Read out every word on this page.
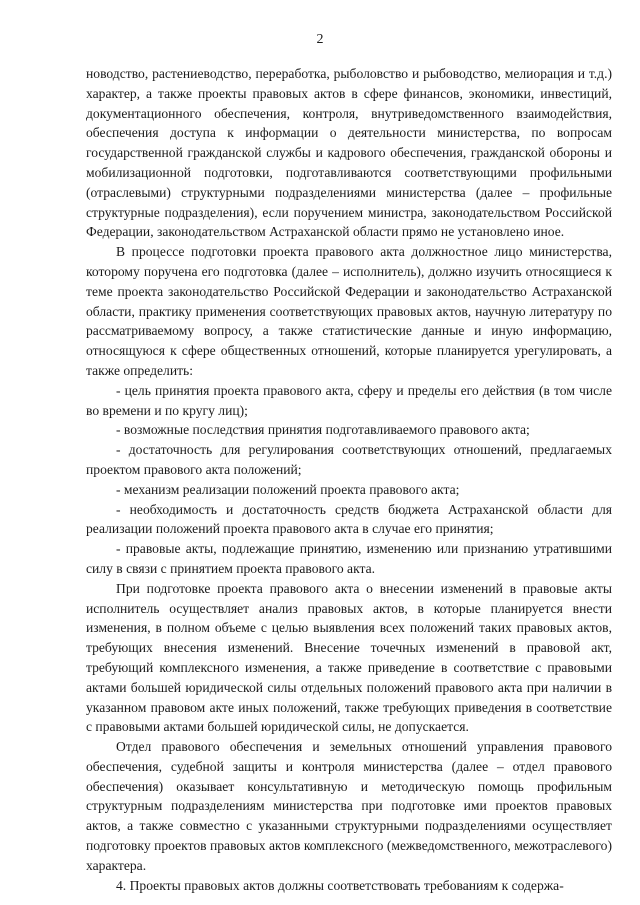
2

новодство, растениеводство, переработка, рыболовство и рыбоводство, мелиорация и т.д.) характер, а также проекты правовых актов в сфере финансов, экономики, инвестиций, документационного обеспечения, контроля, внутриведомственного взаимодействия, обеспечения доступа к информации о деятельности министерства, по вопросам государственной гражданской службы и кадрового обеспечения, гражданской обороны и мобилизационной подготовки, подготавливаются соответствующими профильными (отраслевыми) структурными подразделениями министерства (далее – профильные структурные подразделения), если поручением министра, законодательством Российской Федерации, законодательством Астраханской области прямо не установлено иное.

В процессе подготовки проекта правового акта должностное лицо министерства, которому поручена его подготовка (далее – исполнитель), должно изучить относящиеся к теме проекта законодательство Российской Федерации и законодательство Астраханской области, практику применения соответствующих правовых актов, научную литературу по рассматриваемому вопросу, а также статистические данные и иную информацию, относящуюся к сфере общественных отношений, которые планируется урегулировать, а также определить:

- цель принятия проекта правового акта, сферу и пределы его действия (в том числе во времени и по кругу лиц);

- возможные последствия принятия подготавливаемого правового акта;

- достаточность для регулирования соответствующих отношений, предлагаемых проектом правового акта положений;

- механизм реализации положений проекта правового акта;

- необходимость и достаточность средств бюджета Астраханской области для реализации положений проекта правового акта в случае его принятия;

- правовые акты, подлежащие принятию, изменению или признанию утратившими силу в связи с принятием проекта правового акта.

При подготовке проекта правового акта о внесении изменений в правовые акты исполнитель осуществляет анализ правовых актов, в которые планируется внести изменения, в полном объеме с целью выявления всех положений таких правовых актов, требующих внесения изменений. Внесение точечных изменений в правовой акт, требующий комплексного изменения, а также приведение в соответствие с правовыми актами большей юридической силы отдельных положений правового акта при наличии в указанном правовом акте иных положений, также требующих приведения в соответствие с правовыми актами большей юридической силы, не допускается.

Отдел правового обеспечения и земельных отношений управления правового обеспечения, судебной защиты и контроля министерства (далее – отдел правового обеспечения) оказывает консультативную и методическую помощь профильным структурным подразделениям министерства при подготовке ими проектов правовых актов, а также совместно с указанными структурными подразделениями осуществляет подготовку проектов правовых актов комплексного (межведомственного, межотраслевого) характера.

4. Проекты правовых актов должны соответствовать требованиям к содержа-
